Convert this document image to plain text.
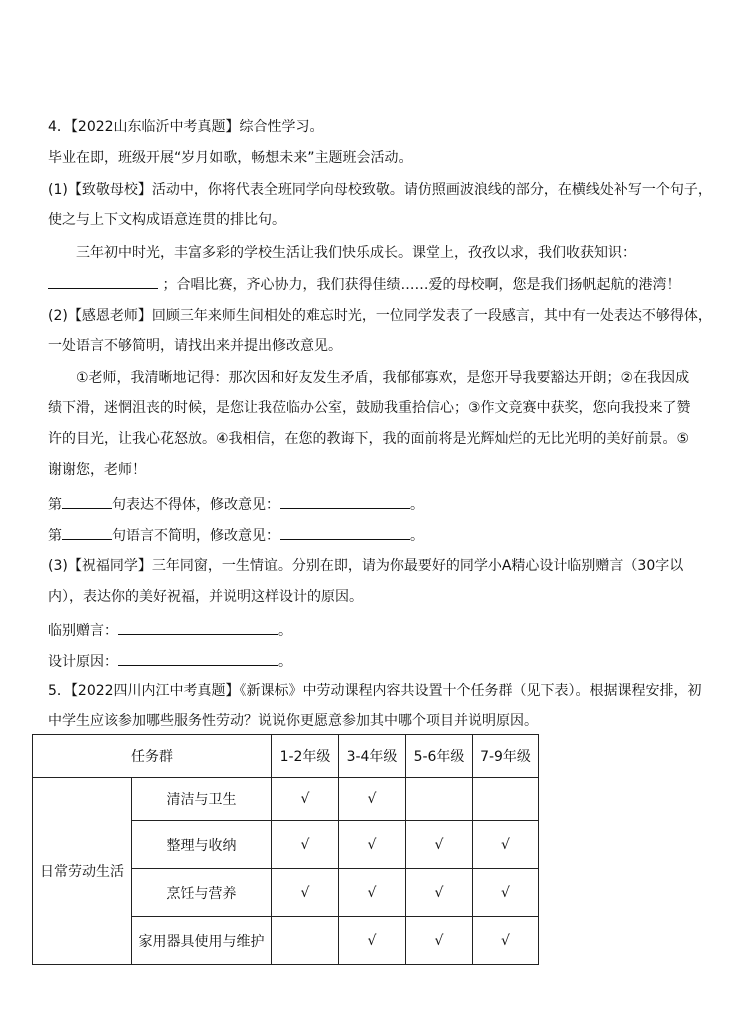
4．【2022山东临沂中考真题】综合性学习。
毕业在即，班级开展“岁月如歌，畅想未来”主题班会活动。
(1)【致敬母校】活动中，你将代表全班同学向母校致敬。请仿照画波浪线的部分，在横线处补写一个句子，
使之与上下文构成语意连贯的排比句。
三年初中时光，丰富多彩的学校生活让我们快乐成长。课堂上，孜孜以求，我们收获知识：
；合唱比赛，齐心协力，我们获得佳绩……爱的母校啊，您是我们扬帆起航的港湾！
(2)【感恩老师】回顾三年来师生间相处的难忘时光，一位同学发表了一段感言，其中有一处表达不够得体，
一处语言不够简明，请找出来并提出修改意见。
①老师，我清晰地记得：那次因和好友发生矛盾，我郁郁寡欢，是您开导我要豁达开朗；②在我因成
绩下滑，迷惘沮丧的时候，是您让我莅临办公室，鼓励我重拾信心；③作文竞赛中获奖，您向我投来了赞
许的目光，让我心花怒放。④我相信，在您的教诲下，我的面前将是光辉灿烂的无比光明的美好前景。⑤
谢谢您，老师！
第	句表达不得体，修改意见：	。
第	句语言不简明，修改意见：	。
(3)【祝福同学】三年同窗，一生情谊。分别在即，请为你最要好的同学小A精心设计临别赠言（30字以
内），表达你的美好祝福，并说明这样设计的原因。
临别赠言：	。
设计原因：	。
5．【2022四川内江中考真题】《新课标》中劳动课程内容共设置十个任务群（见下表）。根据课程安排，初
中学生应该参加哪些服务性劳动？说说你更愿意参加其中哪个项目并说明原因。
任务群		1-2年级	3-4年级	5-6年级	7-9年级
日常劳动生活	清洁与卫生	√	√		
	整理与收纳	√	√	√	√
	烹饪与营养	√	√	√	√
	家用器具使用与维护		√	√	√
